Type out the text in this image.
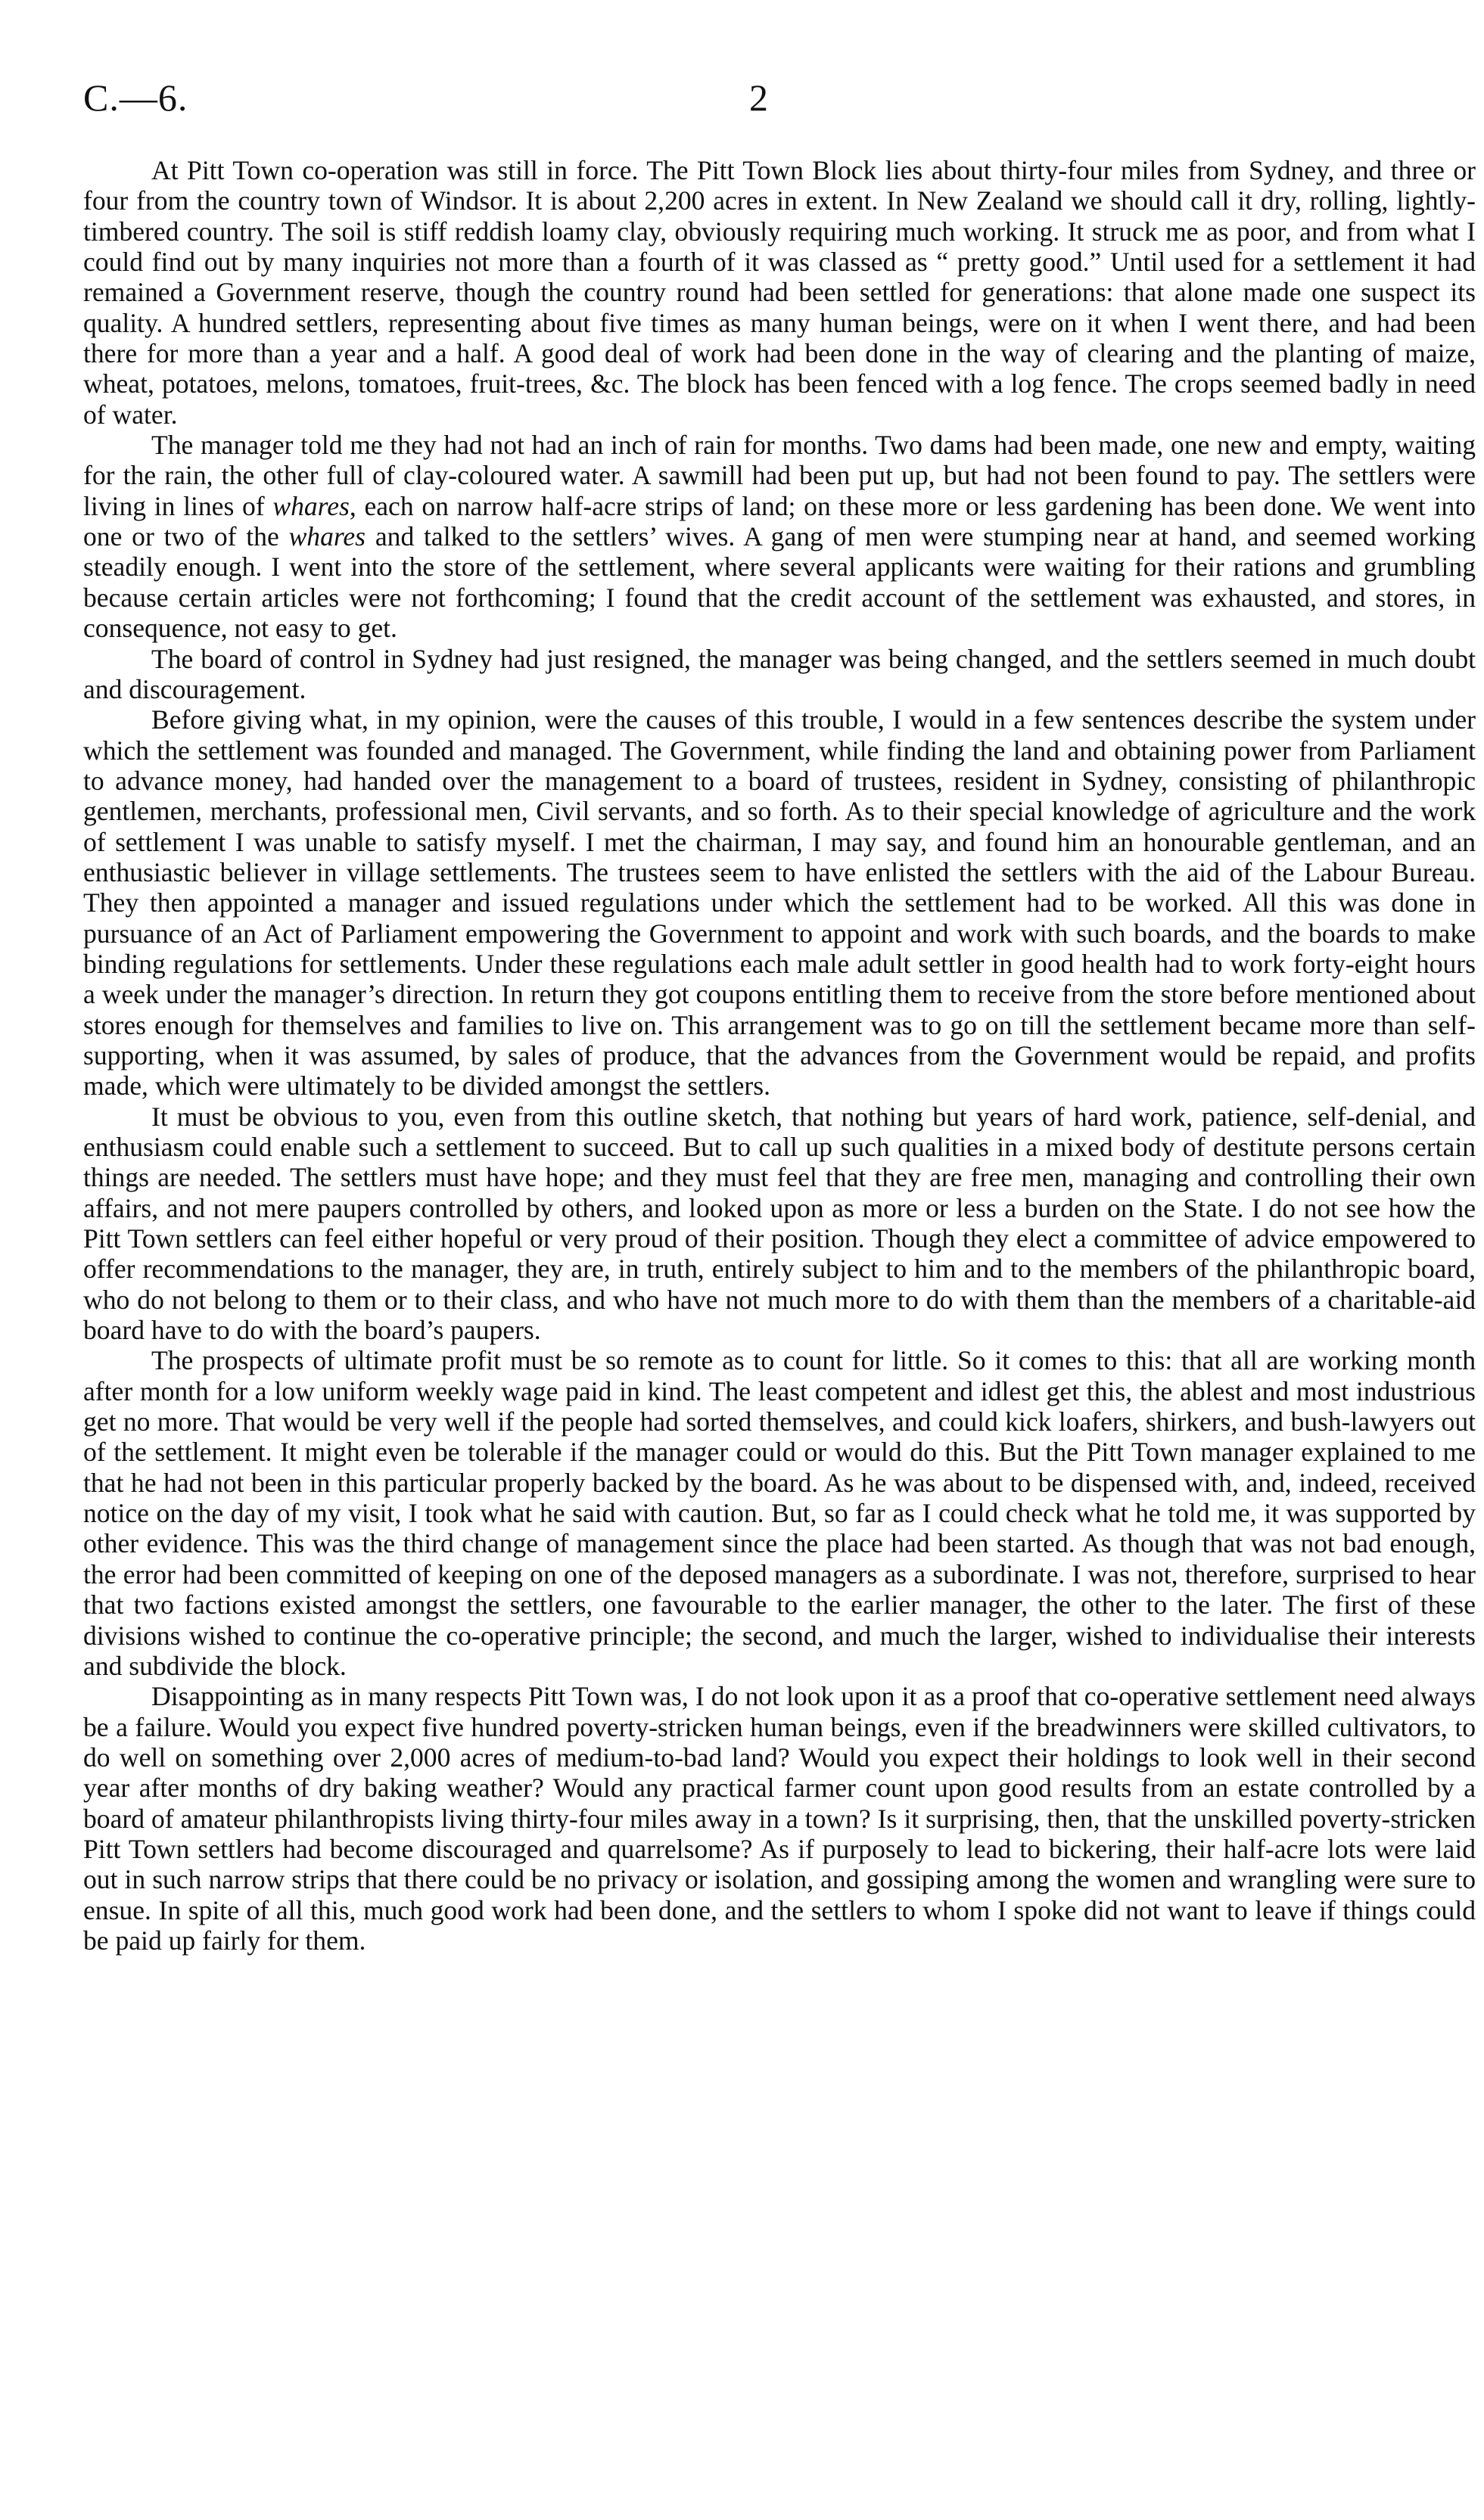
C.—6.	2

At Pitt Town co-operation was still in force. The Pitt Town Block lies about thirty-four miles from Sydney, and three or four from the country town of Windsor. It is about 2,200 acres in extent. In New Zealand we should call it dry, rolling, lightly-timbered country. The soil is stiff reddish loamy clay, obviously requiring much working. It struck me as poor, and from what I could find out by many inquiries not more than a fourth of it was classed as “ pretty good.” Until used for a settlement it had remained a Government reserve, though the country round had been settled for generations: that alone made one suspect its quality. A hundred settlers, representing about five times as many human beings, were on it when I went there, and had been there for more than a year and a half. A good deal of work had been done in the way of clearing and the planting of maize, wheat, potatoes, melons, tomatoes, fruit-trees, &c. The block has been fenced with a log fence. The crops seemed badly in need of water.

The manager told me they had not had an inch of rain for months. Two dams had been made, one new and empty, waiting for the rain, the other full of clay-coloured water. A sawmill had been put up, but had not been found to pay. The settlers were living in lines of whares, each on narrow half-acre strips of land; on these more or less gardening has been done. We went into one or two of the whares and talked to the settlers’ wives. A gang of men were stumping near at hand, and seemed working steadily enough. I went into the store of the settlement, where several applicants were waiting for their rations and grumbling because certain articles were not forthcoming; I found that the credit account of the settlement was exhausted, and stores, in consequence, not easy to get.

The board of control in Sydney had just resigned, the manager was being changed, and the settlers seemed in much doubt and discouragement.

Before giving what, in my opinion, were the causes of this trouble, I would in a few sentences describe the system under which the settlement was founded and managed. The Government, while finding the land and obtaining power from Parliament to advance money, had handed over the management to a board of trustees, resident in Sydney, consisting of philanthropic gentlemen, merchants, professional men, Civil servants, and so forth. As to their special knowledge of agriculture and the work of settlement I was unable to satisfy myself. I met the chairman, I may say, and found him an honourable gentleman, and an enthusiastic believer in village settlements. The trustees seem to have enlisted the settlers with the aid of the Labour Bureau. They then appointed a manager and issued regulations under which the settlement had to be worked. All this was done in pursuance of an Act of Parliament empowering the Government to appoint and work with such boards, and the boards to make binding regulations for settlements. Under these regulations each male adult settler in good health had to work forty-eight hours a week under the manager’s direction. In return they got coupons entitling them to receive from the store before mentioned about stores enough for themselves and families to live on. This arrangement was to go on till the settlement became more than self-supporting, when it was assumed, by sales of produce, that the advances from the Government would be repaid, and profits made, which were ultimately to be divided amongst the settlers.

It must be obvious to you, even from this outline sketch, that nothing but years of hard work, patience, self-denial, and enthusiasm could enable such a settlement to succeed. But to call up such qualities in a mixed body of destitute persons certain things are needed. The settlers must have hope; and they must feel that they are free men, managing and controlling their own affairs, and not mere paupers controlled by others, and looked upon as more or less a burden on the State. I do not see how the Pitt Town settlers can feel either hopeful or very proud of their position. Though they elect a committee of advice empowered to offer recommendations to the manager, they are, in truth, entirely subject to him and to the members of the philanthropic board, who do not belong to them or to their class, and who have not much more to do with them than the members of a charitable-aid board have to do with the board’s paupers.

The prospects of ultimate profit must be so remote as to count for little. So it comes to this: that all are working month after month for a low uniform weekly wage paid in kind. The least competent and idlest get this, the ablest and most industrious get no more. That would be very well if the people had sorted themselves, and could kick loafers, shirkers, and bush-lawyers out of the settlement. It might even be tolerable if the manager could or would do this. But the Pitt Town manager explained to me that he had not been in this particular properly backed by the board. As he was about to be dispensed with, and, indeed, received notice on the day of my visit, I took what he said with caution. But, so far as I could check what he told me, it was supported by other evidence. This was the third change of management since the place had been started. As though that was not bad enough, the error had been committed of keeping on one of the deposed managers as a subordinate. I was not, therefore, surprised to hear that two factions existed amongst the settlers, one favourable to the earlier manager, the other to the later. The first of these divisions wished to continue the co-operative principle; the second, and much the larger, wished to individualise their interests and subdivide the block.

Disappointing as in many respects Pitt Town was, I do not look upon it as a proof that co-operative settlement need always be a failure. Would you expect five hundred poverty-stricken human beings, even if the breadwinners were skilled cultivators, to do well on something over 2,000 acres of medium-to-bad land? Would you expect their holdings to look well in their second year after months of dry baking weather? Would any practical farmer count upon good results from an estate controlled by a board of amateur philanthropists living thirty-four miles away in a town? Is it surprising, then, that the unskilled poverty-stricken Pitt Town settlers had become discouraged and quarrelsome? As if purposely to lead to bickering, their half-acre lots were laid out in such narrow strips that there could be no privacy or isolation, and gossiping among the women and wrangling were sure to ensue. In spite of all this, much good work had been done, and the settlers to whom I spoke did not want to leave if things could be paid up fairly for them.
